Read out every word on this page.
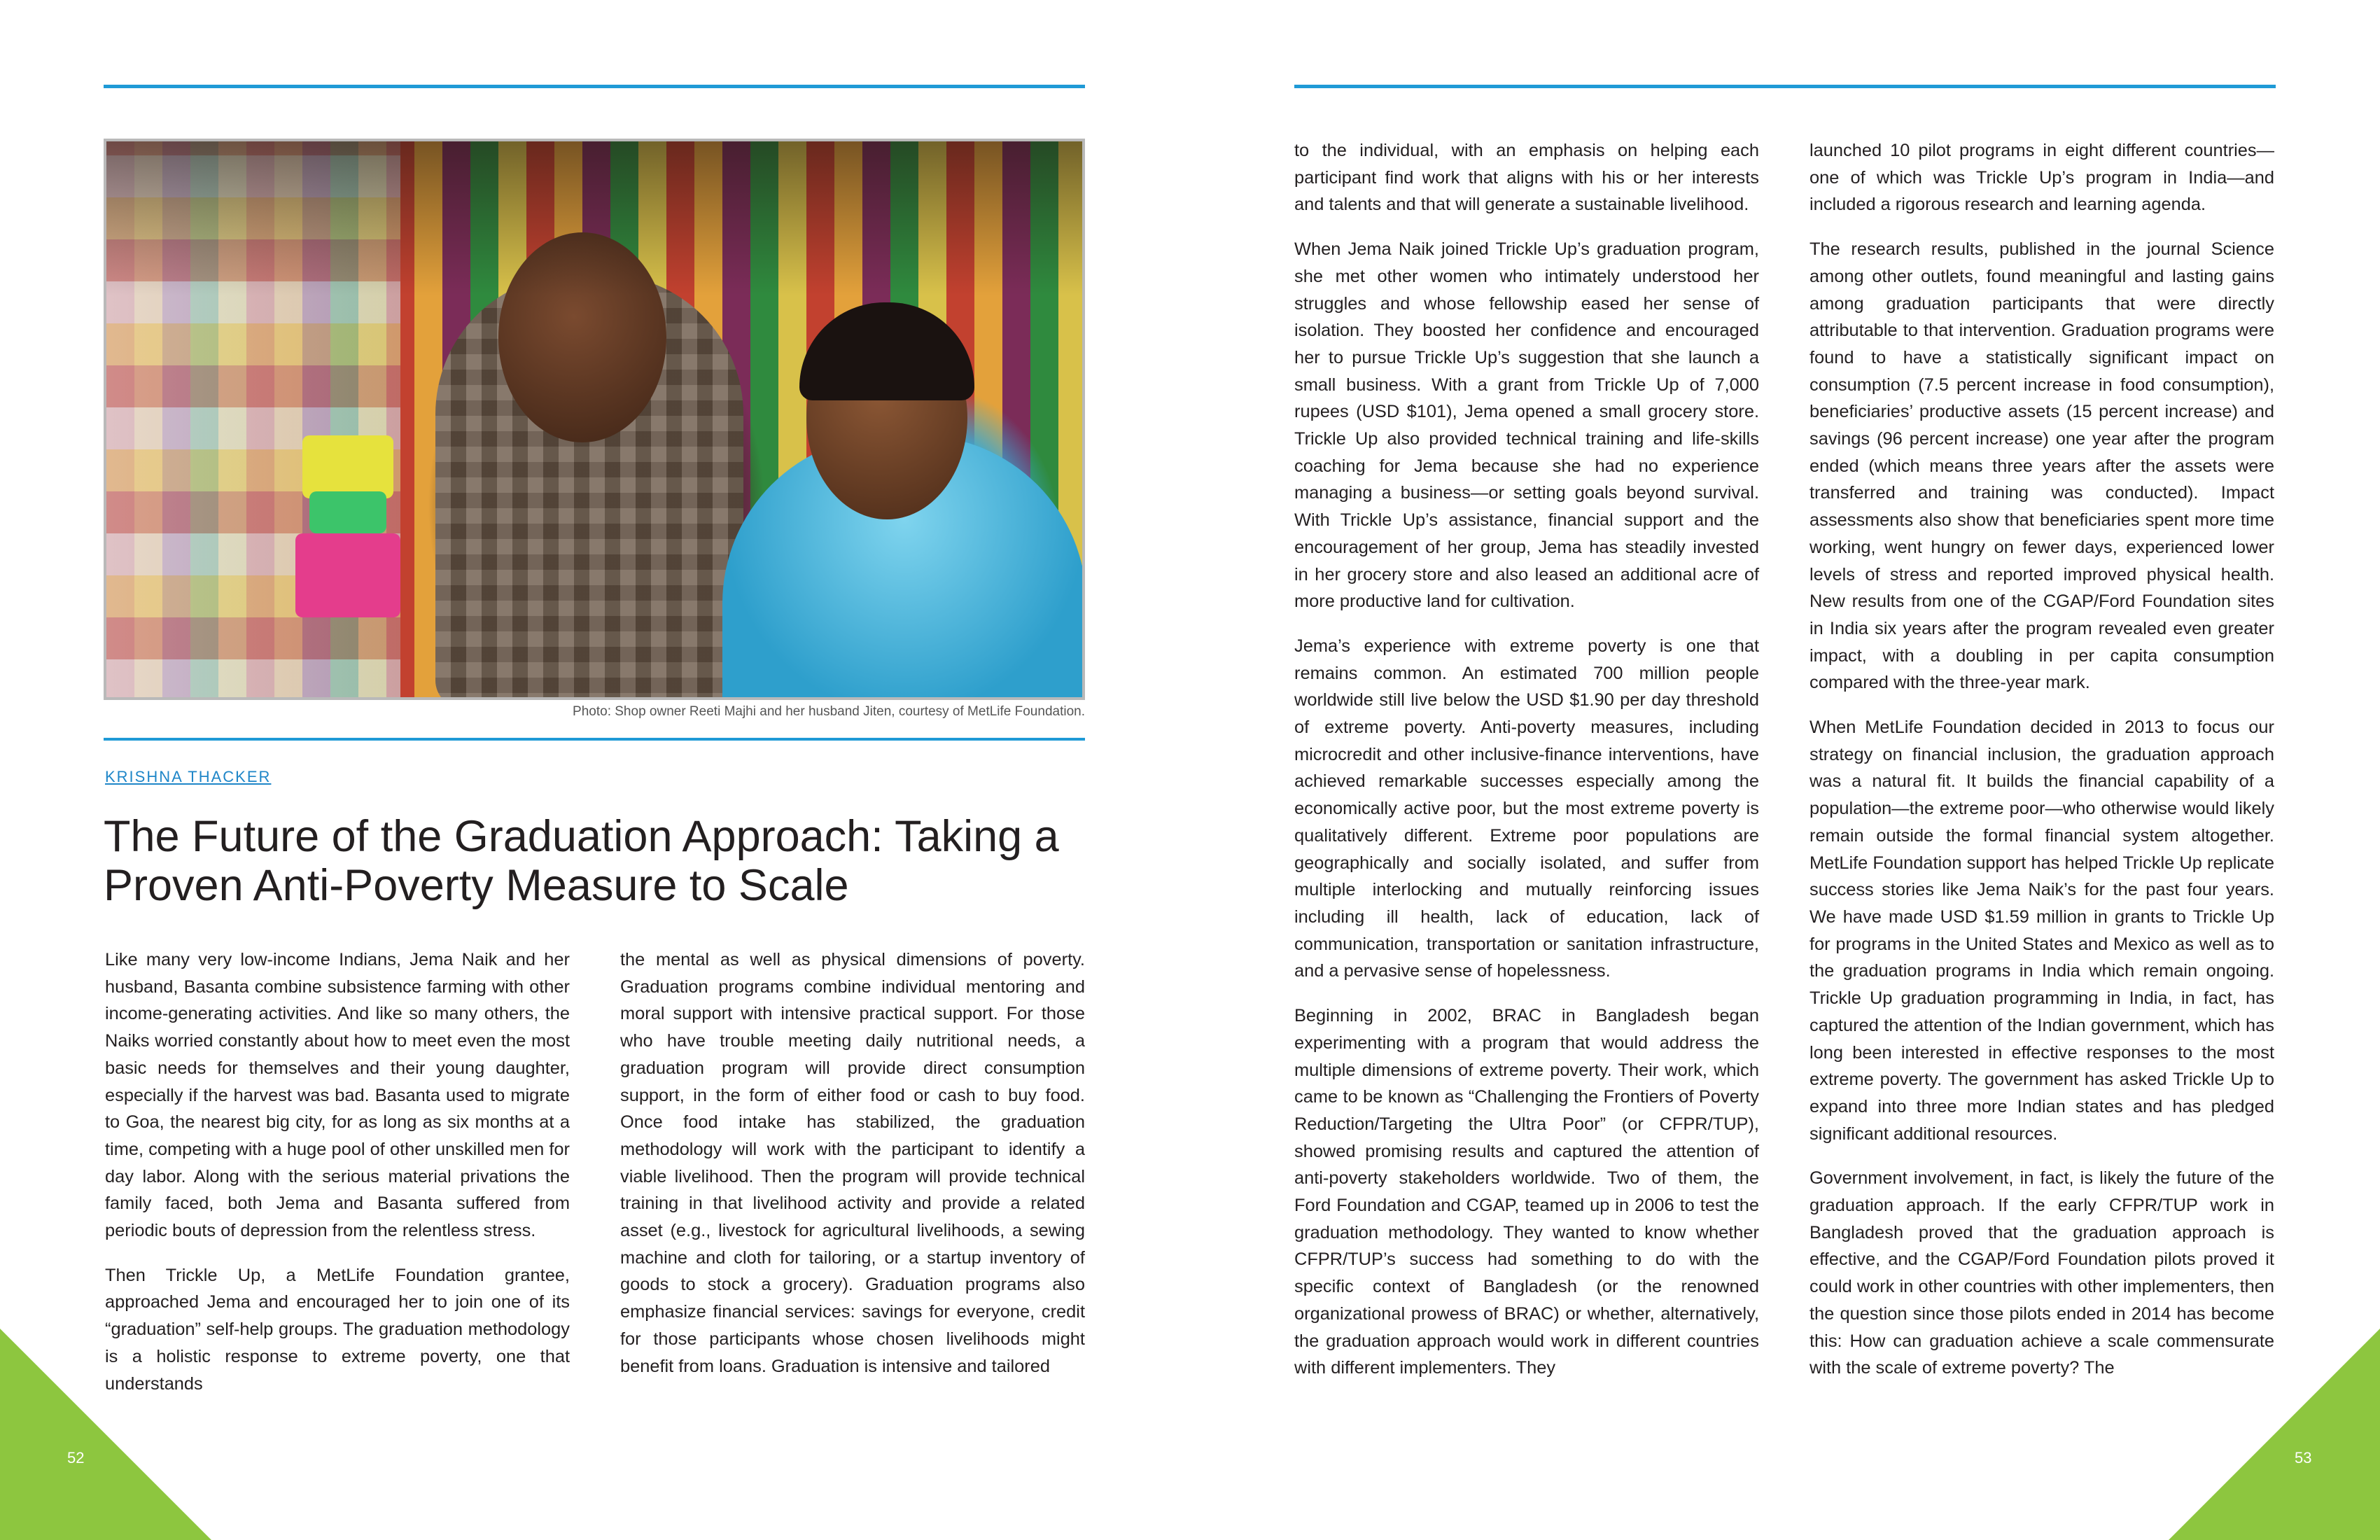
Photo: Shop owner Reeti Majhi and her husband Jiten, courtesy of MetLife Foundation.
KRISHNA THACKER
The Future of the Graduation Approach: Taking a Proven Anti-Poverty Measure to Scale

Like many very low-income Indians, Jema Naik and her husband, Basanta combine subsistence farming with other income-generating activities. And like so many others, the Naiks worried constantly about how to meet even the most basic needs for themselves and their young daughter, especially if the harvest was bad. Basanta used to migrate to Goa, the nearest big city, for as long as six months at a time, competing with a huge pool of other unskilled men for day labor. Along with the serious material privations the family faced, both Jema and Basanta suffered from periodic bouts of depression from the relentless stress.

Then Trickle Up, a MetLife Foundation grantee, approached Jema and encouraged her to join one of its “graduation” self-help groups. The graduation methodology is a holistic response to extreme poverty, one that understands

the mental as well as physical dimensions of poverty. Graduation programs combine individual mentoring and moral support with intensive practical support. For those who have trouble meeting daily nutritional needs, a graduation program will provide direct consumption support, in the form of either food or cash to buy food. Once food intake has stabilized, the graduation methodology will work with the participant to identify a viable livelihood. Then the program will provide technical training in that livelihood activity and provide a related asset (e.g., livestock for agricultural livelihoods, a sewing machine and cloth for tailoring, or a startup inventory of goods to stock a grocery). Graduation programs also emphasize financial services: savings for everyone, credit for those participants whose chosen livelihoods might benefit from loans. Graduation is intensive and tailored

to the individual, with an emphasis on helping each participant find work that aligns with his or her interests and talents and that will generate a sustainable livelihood.

When Jema Naik joined Trickle Up’s graduation program, she met other women who intimately understood her struggles and whose fellowship eased her sense of isolation. They boosted her confidence and encouraged her to pursue Trickle Up’s suggestion that she launch a small business. With a grant from Trickle Up of 7,000 rupees (USD $101), Jema opened a small grocery store. Trickle Up also provided technical training and life-skills coaching for Jema because she had no experience managing a business—or setting goals beyond survival. With Trickle Up’s assistance, financial support and the encouragement of her group, Jema has steadily invested in her grocery store and also leased an additional acre of more productive land for cultivation.

Jema’s experience with extreme poverty is one that remains common. An estimated 700 million people worldwide still live below the USD $1.90 per day threshold of extreme poverty. Anti-poverty measures, including microcredit and other inclusive-finance interventions, have achieved remarkable successes especially among the economically active poor, but the most extreme poverty is qualitatively different. Extreme poor populations are geographically and socially isolated, and suffer from multiple interlocking and mutually reinforcing issues including ill health, lack of education, lack of communication, transportation or sanitation infrastructure, and a pervasive sense of hopelessness.

Beginning in 2002, BRAC in Bangladesh began experimenting with a program that would address the multiple dimensions of extreme poverty. Their work, which came to be known as “Challenging the Frontiers of Poverty Reduction/Targeting the Ultra Poor” (or CFPR/TUP), showed promising results and captured the attention of anti-poverty stakeholders worldwide. Two of them, the Ford Foundation and CGAP, teamed up in 2006 to test the graduation methodology. They wanted to know whether CFPR/TUP’s success had something to do with the specific context of Bangladesh (or the renowned organizational prowess of BRAC) or whether, alternatively, the graduation approach would work in different countries with different implementers. They

launched 10 pilot programs in eight different countries—one of which was Trickle Up’s program in India—and included a rigorous research and learning agenda.

The research results, published in the journal Science among other outlets, found meaningful and lasting gains among graduation participants that were directly attributable to that intervention. Graduation programs were found to have a statistically significant impact on consumption (7.5 percent increase in food consumption), beneficiaries’ productive assets (15 percent increase) and savings (96 percent increase) one year after the program ended (which means three years after the assets were transferred and training was conducted). Impact assessments also show that beneficiaries spent more time working, went hungry on fewer days, experienced lower levels of stress and reported improved physical health. New results from one of the CGAP/Ford Foundation sites in India six years after the program revealed even greater impact, with a doubling in per capita consumption compared with the three-year mark.

When MetLife Foundation decided in 2013 to focus our strategy on financial inclusion, the graduation approach was a natural fit. It builds the financial capability of a population—the extreme poor—who otherwise would likely remain outside the formal financial system altogether. MetLife Foundation support has helped Trickle Up replicate success stories like Jema Naik’s for the past four years. We have made USD $1.59 million in grants to Trickle Up for programs in the United States and Mexico as well as to the graduation programs in India which remain ongoing. Trickle Up graduation programming in India, in fact, has captured the attention of the Indian government, which has long been interested in effective responses to the most extreme poverty. The government has asked Trickle Up to expand into three more Indian states and has pledged significant additional resources.

Government involvement, in fact, is likely the future of the graduation approach. If the early CFPR/TUP work in Bangladesh proved that the graduation approach is effective, and the CGAP/Ford Foundation pilots proved it could work in other countries with other implementers, then the question since those pilots ended in 2014 has become this: How can graduation achieve a scale commensurate with the scale of extreme poverty? The

52	53
